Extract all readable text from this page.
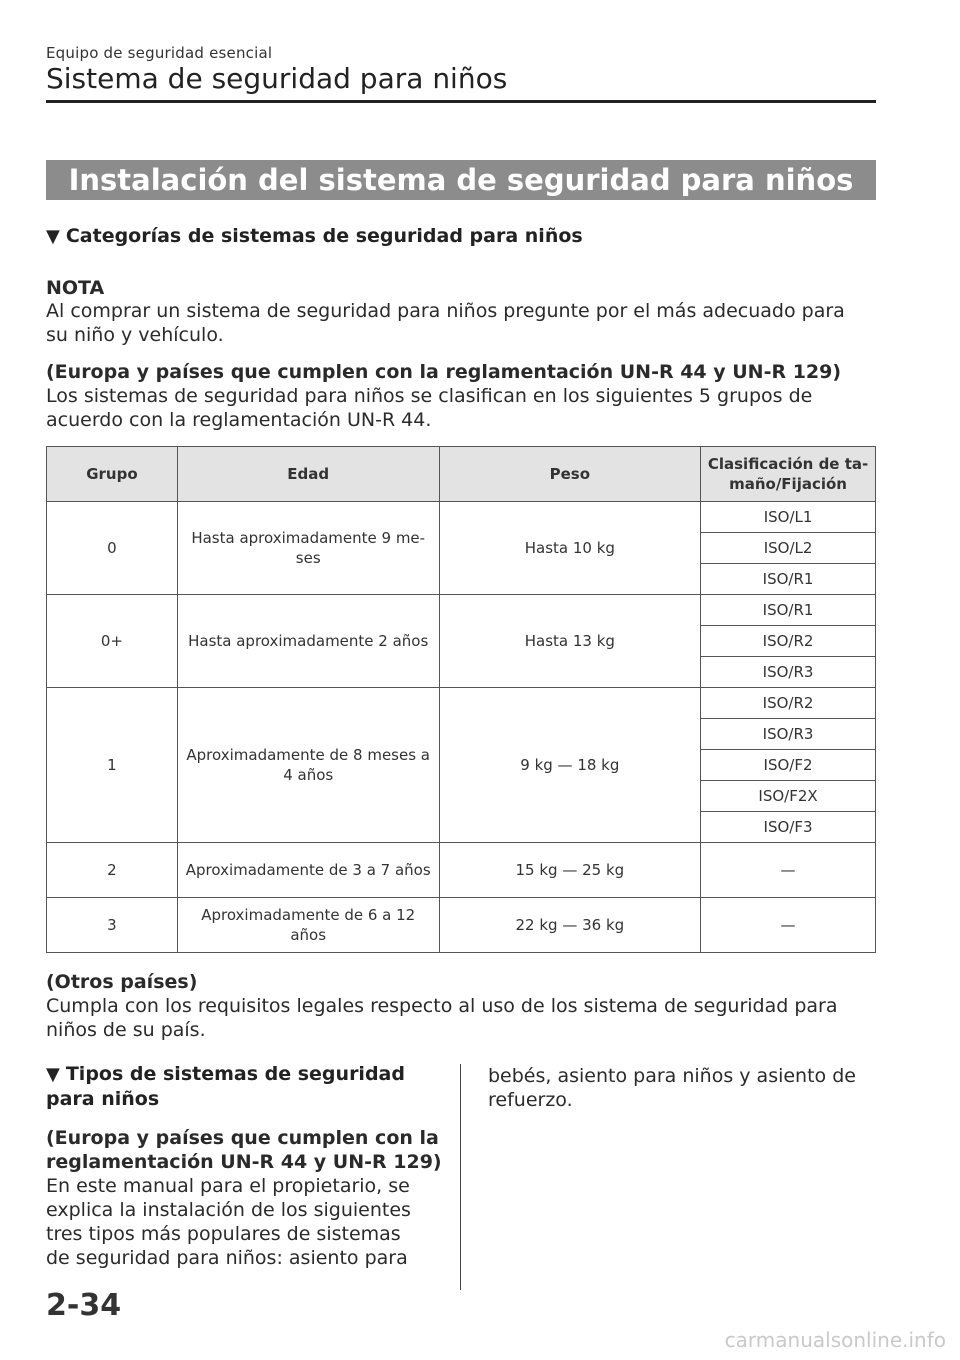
Equipo de seguridad esencial
Sistema de seguridad para niños
Instalación del sistema de seguridad para niños
▼ Categorías de sistemas de seguridad para niños
NOTA
Al comprar un sistema de seguridad para niños pregunte por el más adecuado para su niño y vehículo.
(Europa y países que cumplen con la reglamentación UN-R 44 y UN-R 129)
Los sistemas de seguridad para niños se clasifican en los siguientes 5 grupos de acuerdo con la reglamentación UN-R 44.
Grupo	Edad	Peso	Clasificación de ta-maño/Fijación
0	Hasta aproximadamente 9 me-ses	Hasta 10 kg	ISO/L1
			ISO/L2
			ISO/R1
0+	Hasta aproximadamente 2 años	Hasta 13 kg	ISO/R1
			ISO/R2
			ISO/R3
1	Aproximadamente de 8 meses a 4 años	9 kg — 18 kg	ISO/R2
			ISO/R3
			ISO/F2
			ISO/F2X
			ISO/F3
2	Aproximadamente de 3 a 7 años	15 kg — 25 kg	—
3	Aproximadamente de 6 a 12 años	22 kg — 36 kg	—
(Otros países)
Cumpla con los requisitos legales respecto al uso de los sistema de seguridad para niños de su país.
▼ Tipos de sistemas de seguridad para niños
(Europa y países que cumplen con la reglamentación UN-R 44 y UN-R 129)
En este manual para el propietario, se explica la instalación de los siguientes tres tipos más populares de sistemas de seguridad para niños: asiento para
bebés, asiento para niños y asiento de refuerzo.
2-34
carmanualsonline.info
